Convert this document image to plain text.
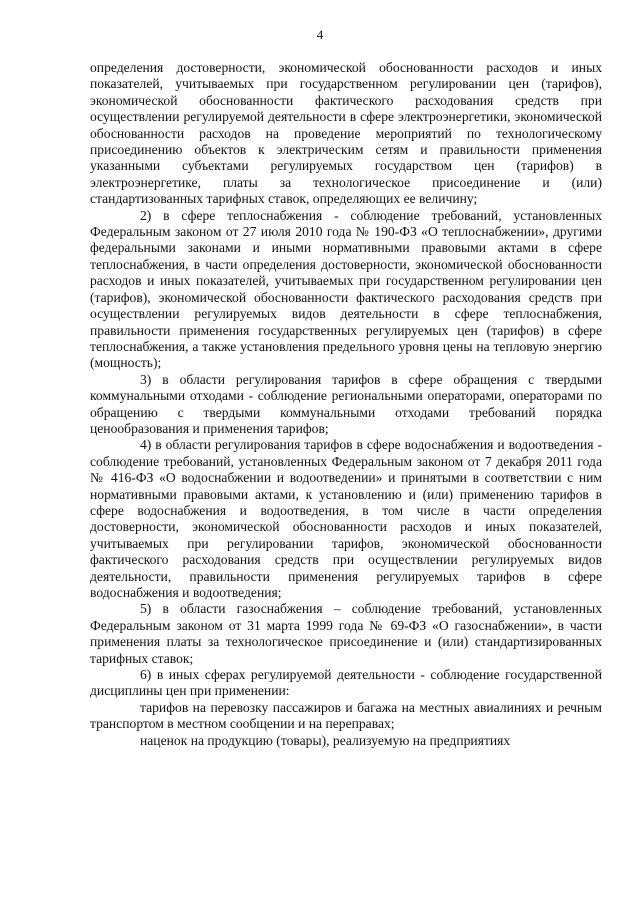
4

определения достоверности, экономической обоснованности расходов и иных показателей, учитываемых при государственном регулировании цен (тарифов), экономической обоснованности фактического расходования средств при осуществлении регулируемой деятельности в сфере электроэнергетики, экономической обоснованности расходов на проведение мероприятий по технологическому присоединению объектов к электрическим сетям и правильности применения указанными субъектами регулируемых государством цен (тарифов) в электроэнергетике, платы за технологическое присоединение и (или) стандартизованных тарифных ставок, определяющих ее величину;

2) в сфере теплоснабжения - соблюдение требований, установленных Федеральным законом от 27 июля 2010 года № 190-ФЗ «О теплоснабжении», другими федеральными законами и иными нормативными правовыми актами в сфере теплоснабжения, в части определения достоверности, экономической обоснованности расходов и иных показателей, учитываемых при государственном регулировании цен (тарифов), экономической обоснованности фактического расходования средств при осуществлении регулируемых видов деятельности в сфере теплоснабжения, правильности применения государственных регулируемых цен (тарифов) в сфере теплоснабжения, а также установления предельного уровня цены на тепловую энергию (мощность);

3) в области регулирования тарифов в сфере обращения с твердыми коммунальными отходами - соблюдение региональными операторами, операторами по обращению с твердыми коммунальными отходами требований порядка ценообразования и применения тарифов;

4) в области регулирования тарифов в сфере водоснабжения и водоотведения - соблюдение требований, установленных Федеральным законом от 7 декабря 2011 года № 416-ФЗ «О водоснабжении и водоотведении» и принятыми в соответствии с ним нормативными правовыми актами, к установлению и (или) применению тарифов в сфере водоснабжения и водоотведения, в том числе в части определения достоверности, экономической обоснованности расходов и иных показателей, учитываемых при регулировании тарифов, экономической обоснованности фактического расходования средств при осуществлении регулируемых видов деятельности, правильности применения регулируемых тарифов в сфере водоснабжения и водоотведения;

5) в области газоснабжения – соблюдение требований, установленных Федеральным законом от 31 марта 1999 года № 69-ФЗ «О газоснабжении», в части применения платы за технологическое присоединение и (или) стандартизированных тарифных ставок;

6) в иных сферах регулируемой деятельности - соблюдение государственной дисциплины цен при применении:

тарифов на перевозку пассажиров и багажа на местных авиалиниях и речным транспортом в местном сообщении и на переправах;

наценок на продукцию (товары), реализуемую на предприятиях
